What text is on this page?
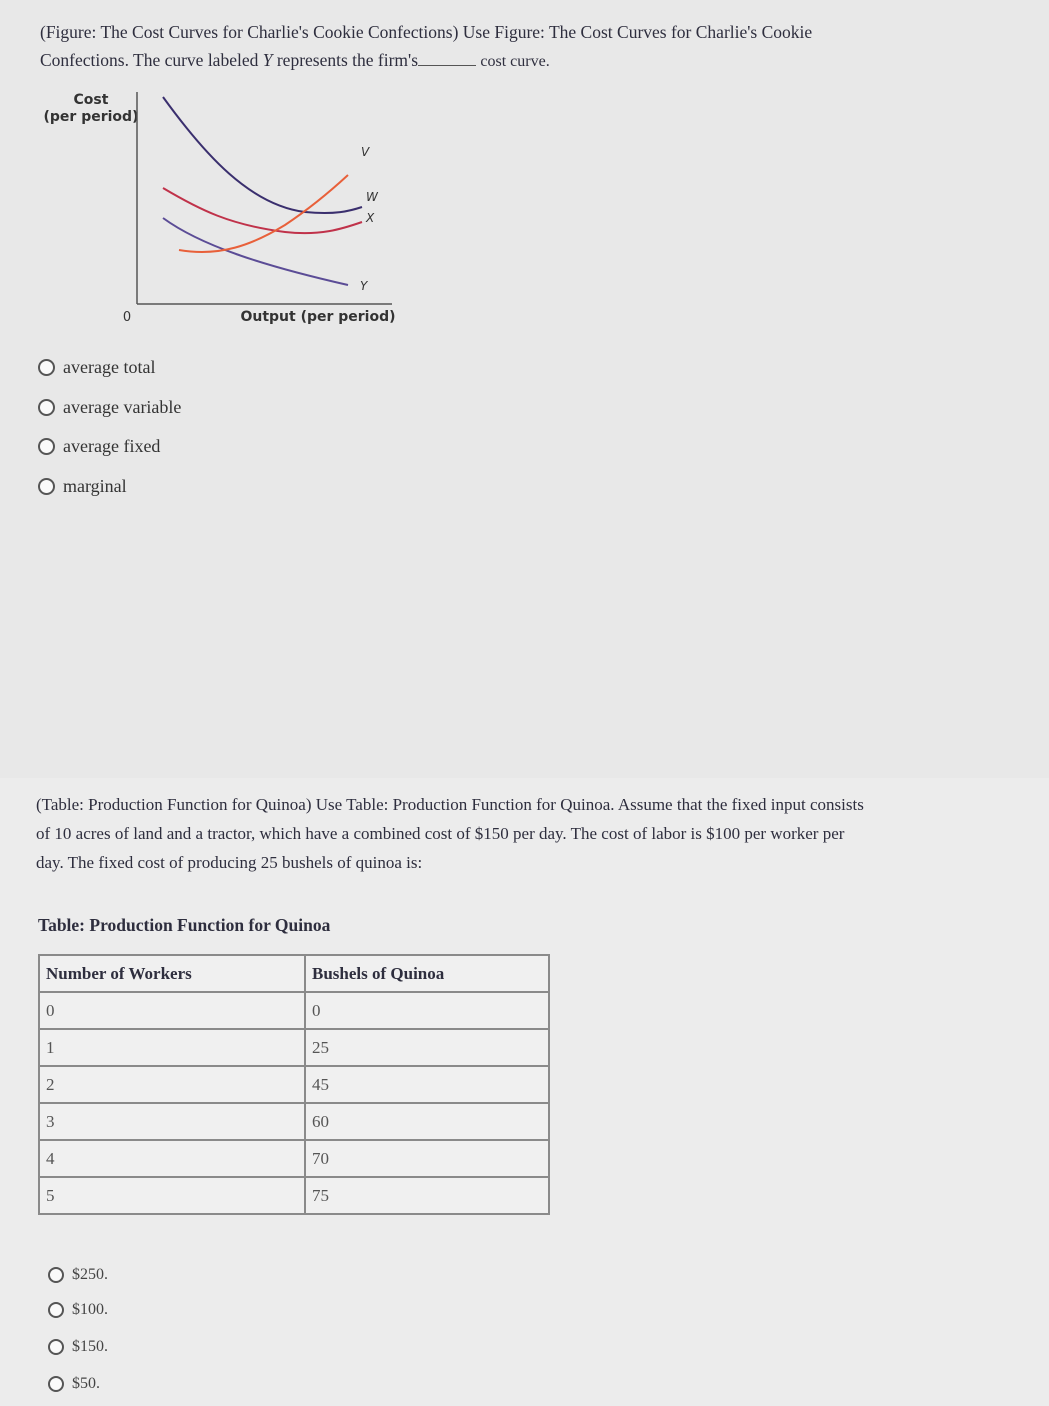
(Figure: The Cost Curves for Charlie's Cookie Confections) Use Figure: The Cost Curves for Charlie's Cookie
Confections. The curve labeled Y represents the firm's	cost curve.
Cost
(per period)
0	Output (per period)
V
W
X
Y
average total
average variable
average fixed
marginal
(Table: Production Function for Quinoa) Use Table: Production Function for Quinoa. Assume that the fixed input consists
of 10 acres of land and a tractor, which have a combined cost of $150 per day. The cost of labor is $100 per worker per
day. The fixed cost of producing 25 bushels of quinoa is:
Table: Production Function for Quinoa
Number of Workers	Bushels of Quinoa
0	0
1	25
2	45
3	60
4	70
5	75
$250.
$100.
$150.
$50.
